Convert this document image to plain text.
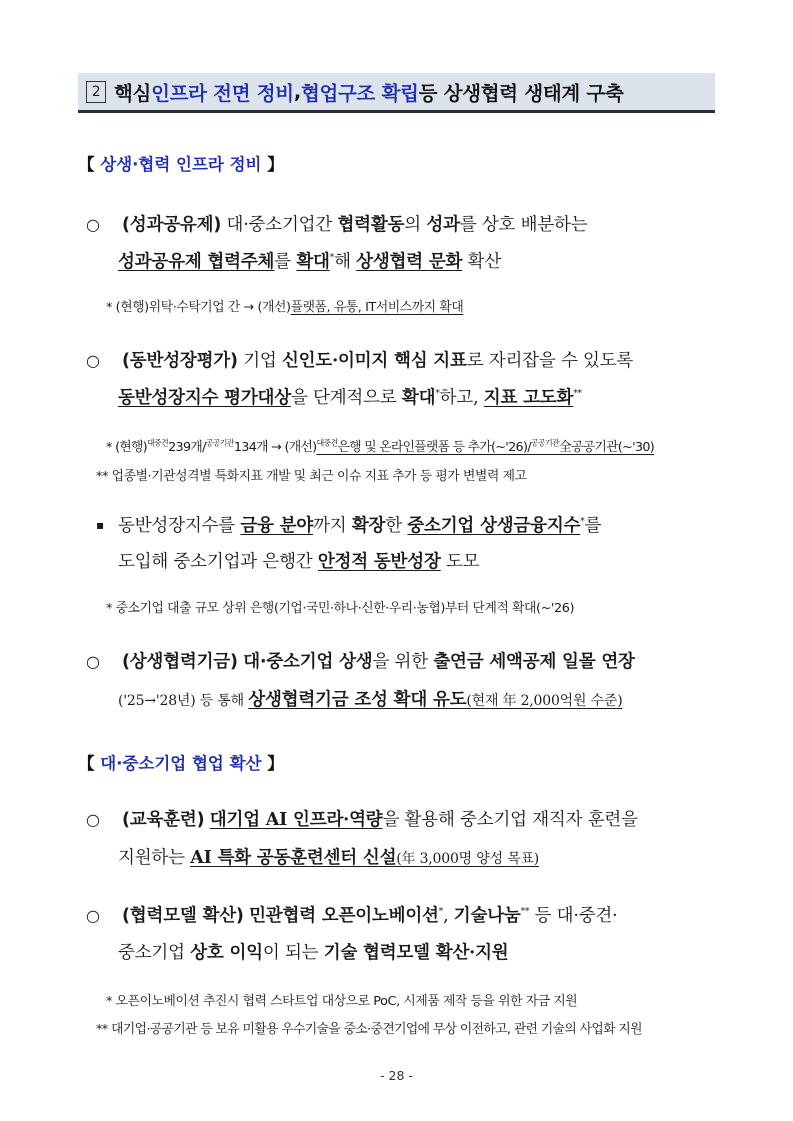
2 핵심 인프라 전면 정비 , 협업구조 확립 등 상생협력 생태계 구축
【 상생·협력 인프라 정비 】
○ (성과공유제) 대·중소기업간 협력활동의 성과를 상호 배분하는
성과공유제 협력주체를 확대*해 상생협력 문화 확산
* (현행)위탁·수탁기업 간 → (개선)플랫폼, 유통, IT서비스까지 확대
○ (동반성장평가) 기업 신인도·이미지 핵심 지표로 자리잡을 수 있도록
동반성장지수 평가대상을 단계적으로 확대*하고, 지표 고도화**
* (현행)$^{대중견}$239개/$^{공공기관}$134개 → (개선)$^{대중견}$은행 및 온라인플랫폼 등 추가(~'26)/$^{공공기관}$全공공기관(~'30)
** 업종별·기관성격별 특화지표 개발 및 최근 이슈 지표 추가 등 평가 변별력 제고
▪ 동반성장지수를 금융 분야까지 확장한 중소기업 상생금융지수*를
도입해 중소기업과 은행간 안정적 동반성장 도모
* 중소기업 대출 규모 상위 은행(기업·국민·하나·신한·우리·농협)부터 단계적 확대(~'26)
○ (상생협력기금) 대·중소기업 상생을 위한 출연금 세액공제 일몰 연장
('25→'28년) 등 통해 상생협력기금 조성 확대 유도(현재 年 2,000억원 수준)
【 대·중소기업 협업 확산 】
○ (교육훈련) 대기업 AI 인프라·역량을 활용해 중소기업 재직자 훈련을
지원하는 AI 특화 공동훈련센터 신설(年 3,000명 양성 목표)
○ (협력모델 확산) 민관협력 오픈이노베이션*, 기술나눔** 등 대·중견·
중소기업 상호 이익이 되는 기술 협력모델 확산·지원
* 오픈이노베이션 추진시 협력 스타트업 대상으로 PoC, 시제품 제작 등을 위한 자금 지원
** 대기업·공공기관 등 보유 미활용 우수기술을 중소·중견기업에 무상 이전하고, 관련 기술의 사업화 지원
- 28 -
